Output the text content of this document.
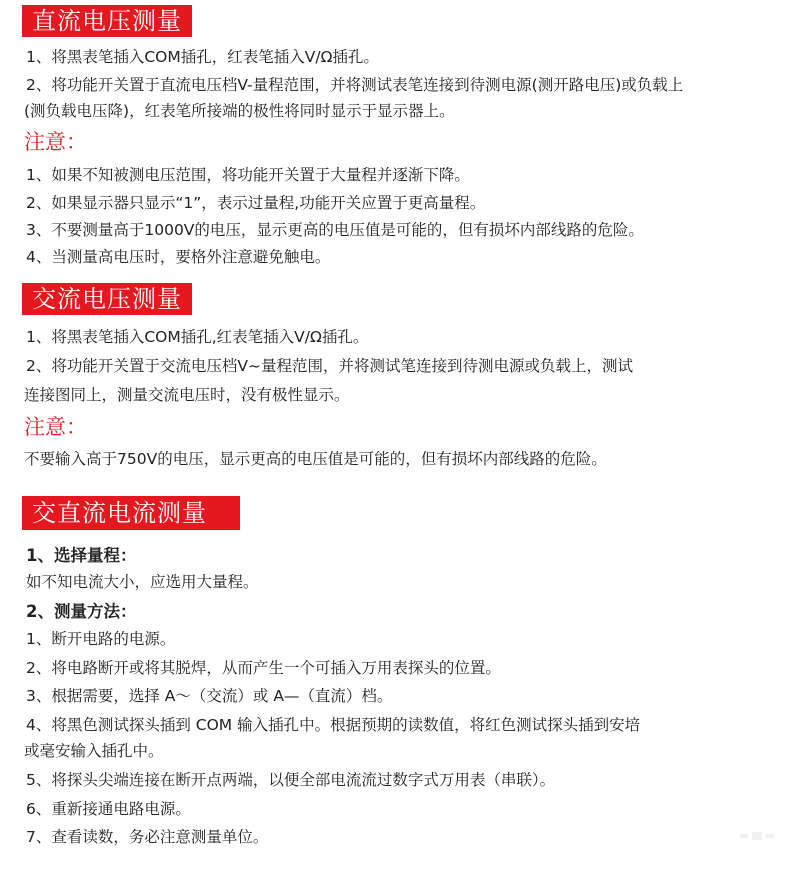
直流电压测量
1、将黑表笔插入COM插孔，红表笔插入V/Ω插孔。
2、将功能开关置于直流电压档V-量程范围，并将测试表笔连接到待测电源(测开路电压)或负载上
(测负载电压降)，红表笔所接端的极性将同时显示于显示器上。
注意：
1、如果不知被测电压范围，将功能开关置于大量程并逐渐下降。
2、如果显示器只显示“1”，表示过量程,功能开关应置于更高量程。
3、不要测量高于1000V的电压，显示更高的电压值是可能的，但有损坏内部线路的危险。
4、当测量高电压时，要格外注意避免触电。
交流电压测量
1、将黑表笔插入COM插孔,红表笔插入V/Ω插孔。
2、将功能开关置于交流电压档V~量程范围，并将测试笔连接到待测电源或负载上，测试
连接图同上，测量交流电压时，没有极性显示。
注意：
不要输入高于750V的电压，显示更高的电压值是可能的，但有损坏内部线路的危险。
交直流电流测量
1、选择量程：
如不知电流大小，应选用大量程。
2、测量方法：
1、断开电路的电源。
2、将电路断开或将其脱焊，从而产生一个可插入万用表探头的位置。
3、根据需要，选择 A～（交流）或 A—（直流）档。
4、将黑色测试探头插到 COM 输入插孔中。根据预期的读数值，将红色测试探头插到安培
或毫安输入插孔中。
5、将探头尖端连接在断开点两端，以便全部电流流过数字式万用表（串联）。
6、重新接通电路电源。
7、查看读数，务必注意测量单位。
